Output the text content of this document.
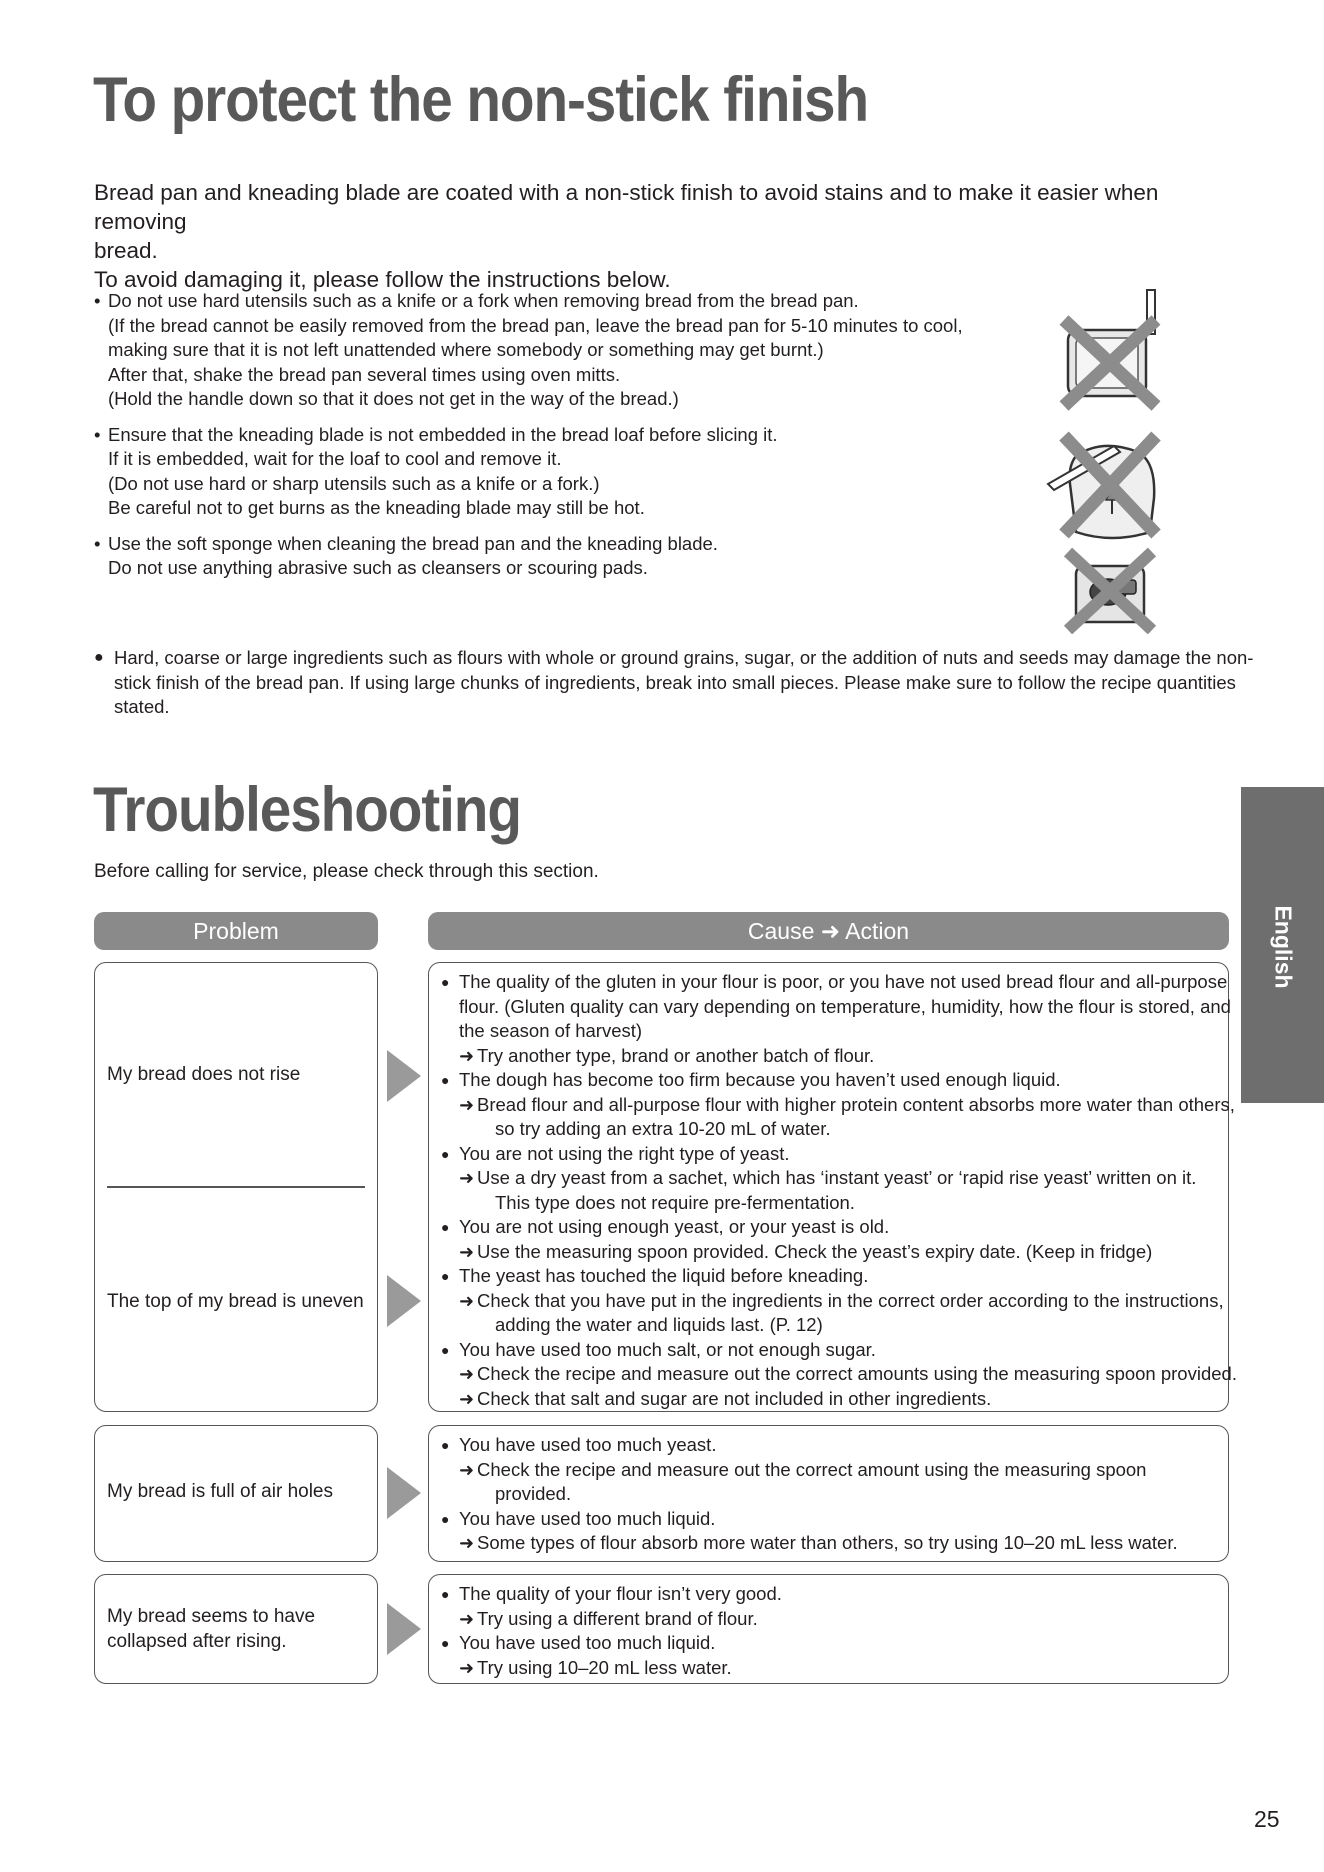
To protect the non-stick finish

Bread pan and kneading blade are coated with a non-stick finish to avoid stains and to make it easier when removing

bread.

To avoid damaging it, please follow the instructions below.

• Do not use hard utensils such as a knife or a fork when removing bread from the bread pan.
(If the bread cannot be easily removed from the bread pan, leave the bread pan for 5-10 minutes to cool,
making sure that it is not left unattended where somebody or something may get burnt.)
After that, shake the bread pan several times using oven mitts.
(Hold the handle down so that it does not get in the way of the bread.)
• Ensure that the kneading blade is not embedded in the bread loaf before slicing it.
If it is embedded, wait for the loaf to cool and remove it.
(Do not use hard or sharp utensils such as a knife or a fork.)
Be careful not to get burns as the kneading blade may still be hot.
• Use the soft sponge when cleaning the bread pan and the kneading blade.
Do not use anything abrasive such as cleansers or scouring pads.
● Hard, coarse or large ingredients such as flours with whole or ground grains, sugar, or the addition of nuts and seeds may damage the non-
stick finish of the bread pan. If using large chunks of ingredients, break into small pieces. Please make sure to follow the recipe quantities
stated.
Troubleshooting
Before calling for service, please check through this section.
Problem	Cause ➜ Action
My bread does not rise
The top of my bread is uneven
● The quality of the gluten in your flour is poor, or you have not used bread flour and all-purpose
flour. (Gluten quality can vary depending on temperature, humidity, how the flour is stored, and
the season of harvest)
➜ Try another type, brand or another batch of flour.
● The dough has become too firm because you haven’t used enough liquid.
➜ Bread flour and all-purpose flour with higher protein content absorbs more water than others,
so try adding an extra 10-20 mL of water.
● You are not using the right type of yeast.
➜ Use a dry yeast from a sachet, which has ‘instant yeast’ or ‘rapid rise yeast’ written on it.
This type does not require pre-fermentation.
● You are not using enough yeast, or your yeast is old.
➜ Use the measuring spoon provided. Check the yeast’s expiry date. (Keep in fridge)
● The yeast has touched the liquid before kneading.
➜ Check that you have put in the ingredients in the correct order according to the instructions,
adding the water and liquids last. (P. 12)
● You have used too much salt, or not enough sugar.
➜ Check the recipe and measure out the correct amounts using the measuring spoon provided.
➜ Check that salt and sugar are not included in other ingredients.
My bread is full of air holes
● You have used too much yeast.
➜ Check the recipe and measure out the correct amount using the measuring spoon
provided.
● You have used too much liquid.
➜ Some types of flour absorb more water than others, so try using 10–20 mL less water.
My bread seems to have
collapsed after rising.
● The quality of your flour isn’t very good.
➜ Try using a different brand of flour.
● You have used too much liquid.
➜ Try using 10–20 mL less water.
English
25
